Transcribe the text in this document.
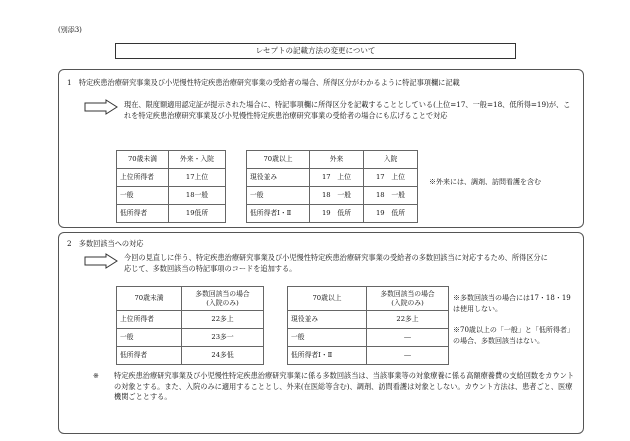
(別添3)
レセプトの記載方法の変更について
1　特定疾患治療研究事業及び小児慢性特定疾患治療研究事業の受給者の場合、所得区分がわかるように特記事項欄に記載
現在、限度額適用認定証が提示された場合に、特記事項欄に所得区分を記載することとしている(上位=17、一般=18、低所得=19)が、これを特定疾患治療研究事業及び小児慢性特定疾患治療研究事業の受給者の場合にも広げることで対応
70歳未満	外来・入院
上位所得者	17上位
一般	18一般
低所得者	19低所
70歳以上	外来	入院
現役並み	17　上位	17　上位
一般	18　一般	18　一般
低所得者Ⅰ・Ⅱ	19　低所	19　低所
※外来には、調剤、訪問看護を含む
2　多数回該当への対応
今回の見直しに伴う、特定疾患治療研究事業及び小児慢性特定疾患治療研究事業の受給者の多数回該当に対応するため、所得区分に応じて、多数回該当の特記事項のコードを追加する。
70歳未満	多数回該当の場合
(入院のみ)
上位所得者	22多上
一般	23多一
低所得者	24多低
70歳以上	多数回該当の場合
(入院のみ)
現役並み	22多上
一般	―
低所得者Ⅰ・Ⅱ	―
※多数回該当の場合には17・18・19は使用しない。
※70歳以上の「一般」と「低所得者」の場合、多数回該当はない。
※ 特定疾患治療研究事業及び小児慢性特定疾患治療研究事業に係る多数回該当は、当該事業等の対象療養に係る高額療養費の支給回数をカウントの対象とする。また、入院のみに適用することとし、外来(在医総等含む)、調剤、訪問看護は対象としない。カウント方法は、患者ごと、医療機関ごととする。
